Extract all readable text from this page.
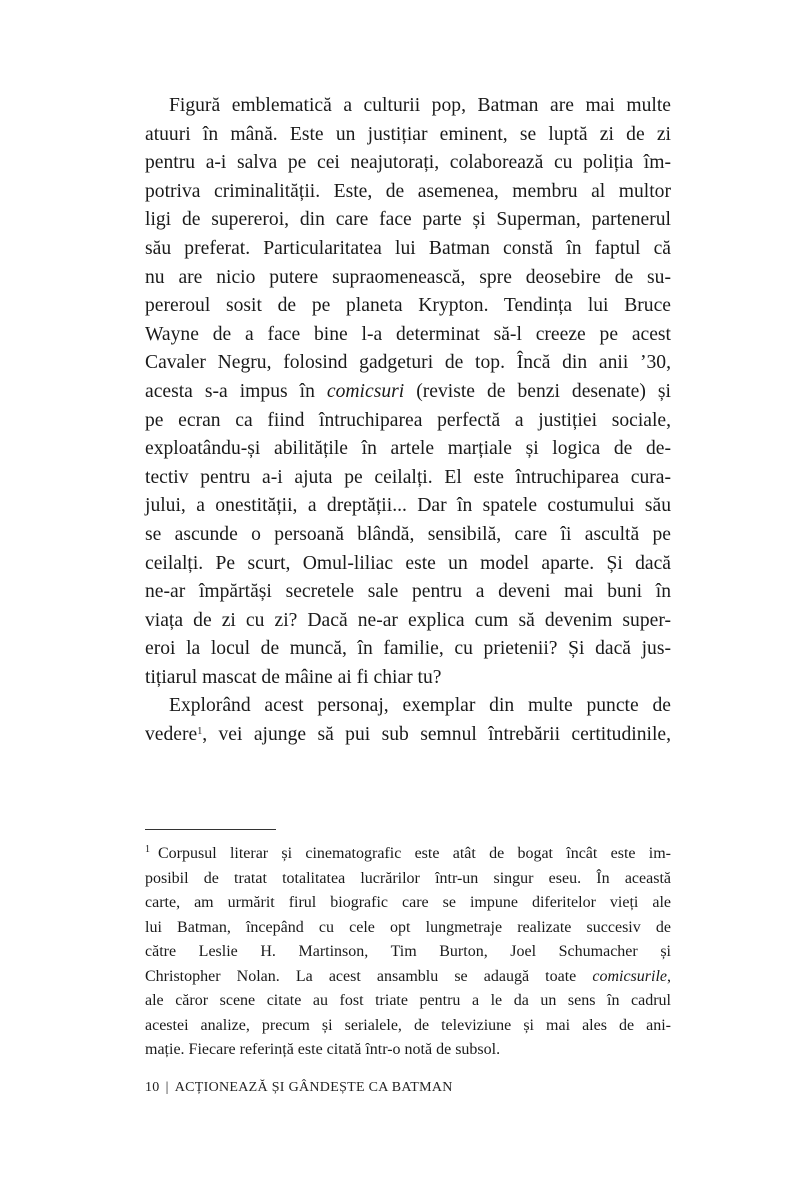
Figură emblematică a culturii pop, Batman are mai multe
atuuri în mână. Este un justițiar eminent, se luptă zi de zi
pentru a-i salva pe cei neajutorați, colaborează cu poliția îm-
potriva criminalității. Este, de asemenea, membru al multor
ligi de supereroi, din care face parte și Superman, partenerul
său preferat. Particularitatea lui Batman constă în faptul că
nu are nicio putere supraomenească, spre deosebire de su-
pereroul sosit de pe planeta Krypton. Tendința lui Bruce
Wayne de a face bine l-a determinat să-l creeze pe acest
Cavaler Negru, folosind gadgeturi de top. Încă din anii ’30,
acesta s-a impus în comicsuri (reviste de benzi desenate) și
pe ecran ca fiind întruchiparea perfectă a justiției sociale,
exploatându-și abilitățile în artele marțiale și logica de de-
tectiv pentru a-i ajuta pe ceilalți. El este întruchiparea cura-
jului, a onestității, a dreptății... Dar în spatele costumului său
se ascunde o persoană blândă, sensibilă, care îi ascultă pe
ceilalți. Pe scurt, Omul-liliac este un model aparte. Și dacă
ne-ar împărtăși secretele sale pentru a deveni mai buni în
viața de zi cu zi? Dacă ne-ar explica cum să devenim super-
eroi la locul de muncă, în familie, cu prietenii? Și dacă jus-
tițiarul mascat de mâine ai fi chiar tu?

Explorând acest personaj, exemplar din multe puncte de
vedere$^1$, vei ajunge să pui sub semnul întrebării certitudinile,

$^1$ Corpusul literar și cinematografic este atât de bogat încât este im-
posibil de tratat totalitatea lucrărilor într-un singur eseu. În această
carte, am urmărit firul biografic care se impune diferitelor vieți ale
lui Batman, începând cu cele opt lungmetraje realizate succesiv de
către Leslie H. Martinson, Tim Burton, Joel Schumacher și
Christopher Nolan. La acest ansamblu se adaugă toate comicsurile,
ale căror scene citate au fost triate pentru a le da un sens în cadrul
acestei analize, precum și serialele, de televiziune și mai ales de ani-
mație. Fiecare referință este citată într-o notă de subsol.
10 | ACȚIONEAZĂ ȘI GÂNDEȘTE CA BATMAN
